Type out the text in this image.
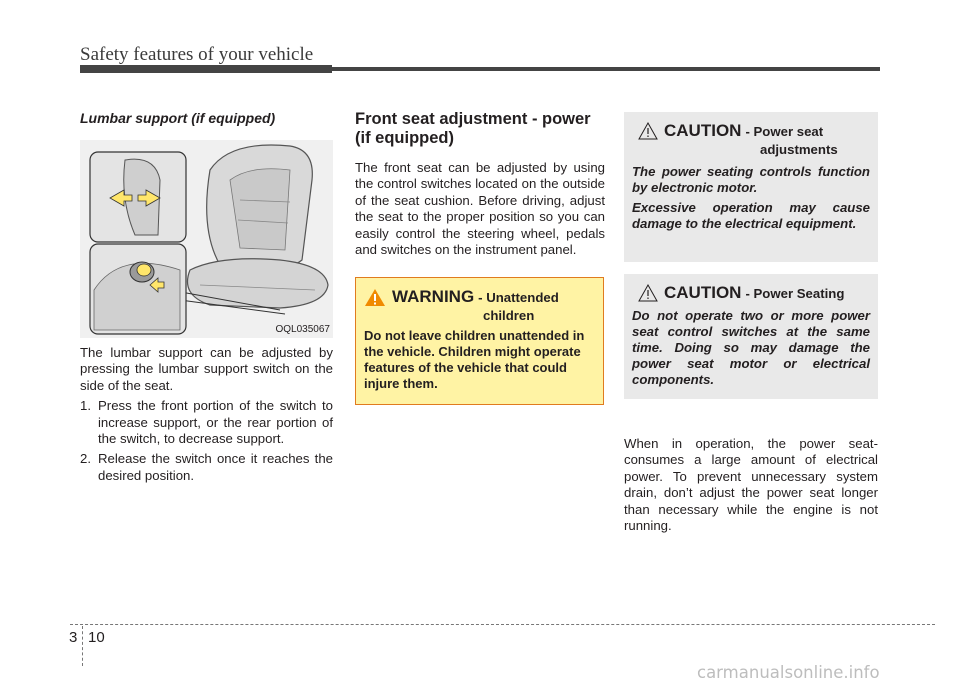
Safety features of your vehicle

Lumbar support (if equipped)

OQL035067

The lumbar support can be adjusted by pressing the lumbar support switch on the side of the seat.

1. Press the front portion of the switch to increase support, or the rear portion of the switch, to decrease support.
2. Release the switch once it reaches the desired position.

Front seat adjustment - power (if equipped)

The front seat can be adjusted by using the control switches located on the outside of the seat cushion. Before driving, adjust the seat to the proper position so you can easily control the steering wheel, pedals and switches on the instrument panel.

WARNING - Unattended
children

Do not leave children unattended in the vehicle. Children might operate features of the vehicle that could injure them.

CAUTION - Power seat
adjustments

The power seating controls function by electronic motor.

Excessive operation may cause damage to the electrical equipment.

CAUTION - Power Seating

Do not operate two or more power seat control switches at the same time. Doing so may damage the power seat motor or electrical components.

When in operation, the power seat-consumes a large amount of electrical power. To prevent unnecessary system drain, don’t adjust the power seat longer than necessary while the engine is not running.

3 10
carmanualsonline.info
